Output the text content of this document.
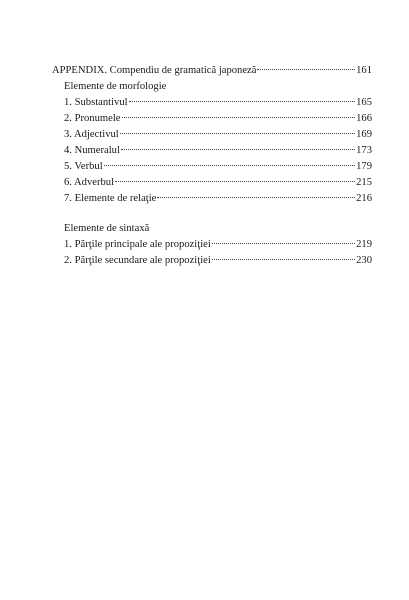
APPENDIX. Compendiu de gramatică japoneză	161
Elemente de morfologie
1. Substantivul	165
2. Pronumele	166
3. Adjectivul	169
4. Numeralul	173
5. Verbul	179
6. Adverbul	215
7. Elemente de relaţie	216
Elemente de sintaxă
1. Părţile principale ale propoziţiei	219
2. Părţile secundare ale propoziţiei	230
